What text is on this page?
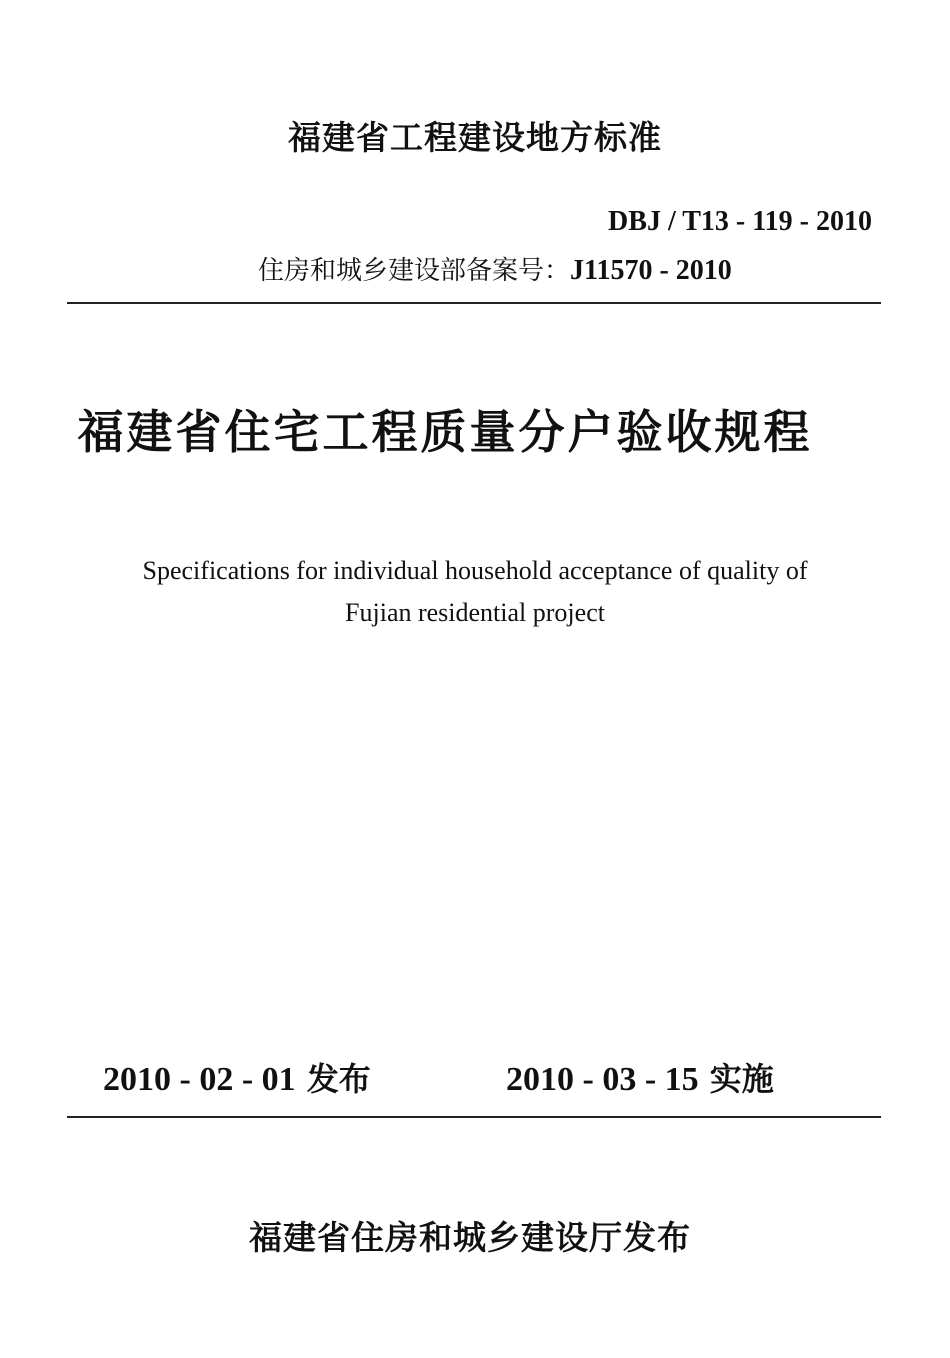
福建省工程建设地方标准
DBJ / T13 - 119 - 2010
住房和城乡建设部备案号：J11570 - 2010
福建省住宅工程质量分户验收规程
Specifications for individual household acceptance of quality of
Fujian residential project
2010 - 02 - 01 发布	2010 - 03 - 15 实施
福建省住房和城乡建设厅发布
